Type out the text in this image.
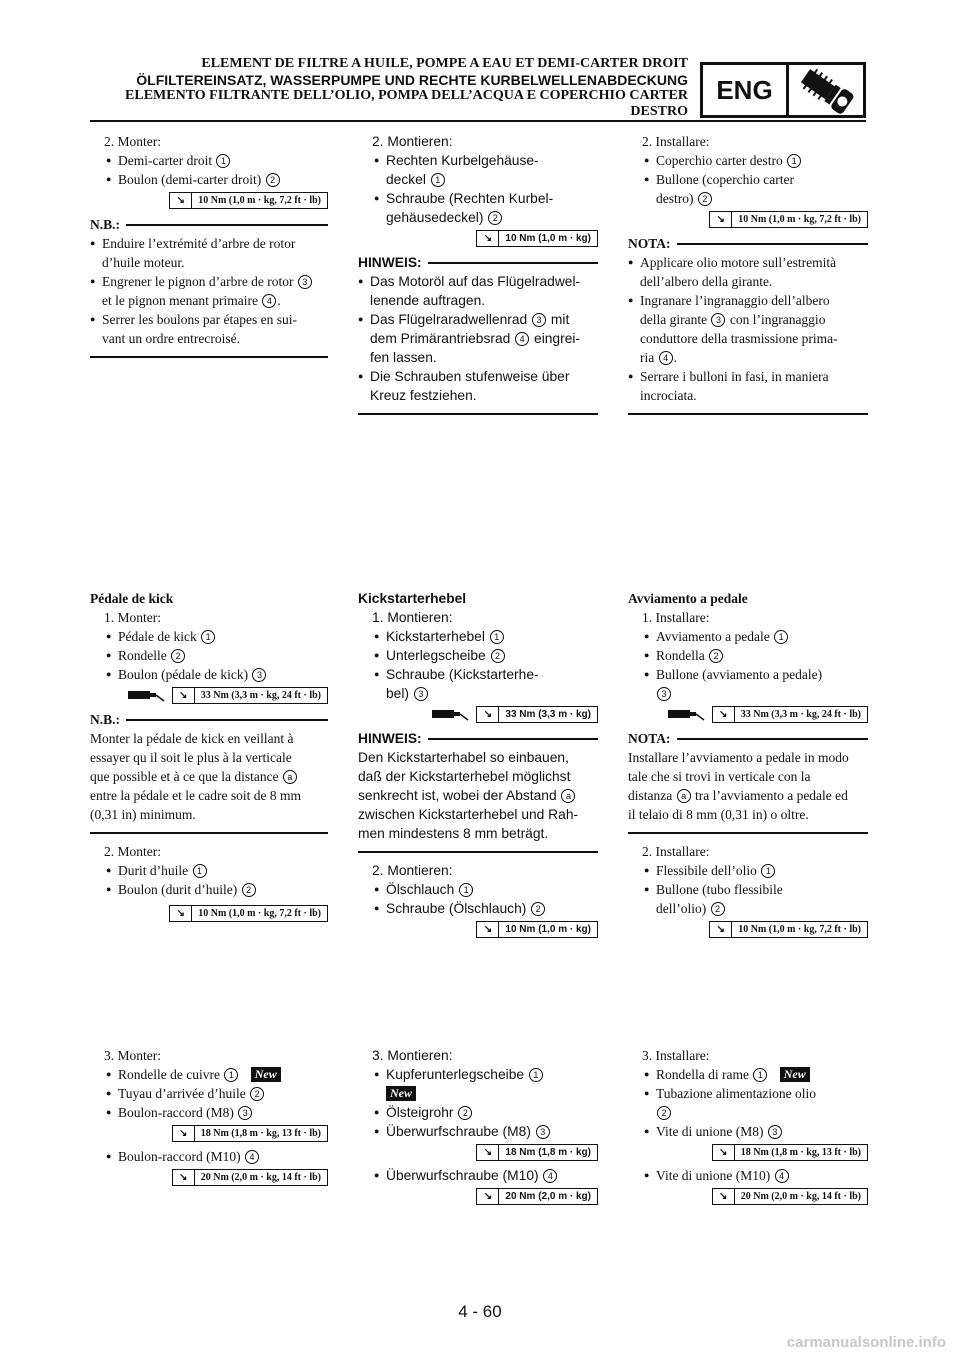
ELEMENT DE FILTRE A HUILE, POMPE A EAU ET DEMI-CARTER DROIT
ÖLFILTEREINSATZ, WASSERPUMPE UND RECHTE KURBELWELLENABDECKUNG
ELEMENTO FILTRANTE DELL’OLIO, POMPA DELL’ACQUA E COPERCHIO CARTER
DESTRO
ENG
2. Monter:
● Demi-carter droit 1
● Boulon (demi-carter droit) 2
↘	10 Nm (1,0 m · kg, 7,2 ft · lb)
N.B.:
● Enduire l’extrémité d’arbre de rotor
d’huile moteur.
● Engrener le pignon d’arbre de rotor 3
et le pignon menant primaire 4 .
● Serrer les boulons par étapes en sui-
vant un ordre entrecroisé.
2. Montieren:
● Rechten Kurbelgehäuse-
deckel 1
● Schraube (Rechten Kurbel-
gehäusedeckel) 2
↘	10 Nm (1,0 m · kg)
HINWEIS:
● Das Motoröl auf das Flügelradwel-
lenende auftragen.
● Das Flügelraradwellenrad 3 mit
dem Primärantriebsrad 4 eingrei-
fen lassen.
● Die Schrauben stufenweise über
Kreuz festziehen.
2. Installare:
● Coperchio carter destro 1
● Bullone (coperchio carter
destro) 2
↘	10 Nm (1,0 m · kg, 7,2 ft · lb)
NOTA:
● Applicare olio motore sull’estremità
dell’albero della girante.
● Ingranare l’ingranaggio dell’albero
della girante 3 con l’ingranaggio
conduttore della trasmissione prima-
ria 4 .
● Serrare i bulloni in fasi, in maniera
incrociata.
Pédale de kick
1. Monter:
● Pédale de kick 1
● Rondelle 2
● Boulon (pédale de kick) 3
↘	33 Nm (3,3 m · kg, 24 ft · lb)
N.B.:
Monter la pédale de kick en veillant à
essayer qu il soit le plus à la verticale
que possible et à ce que la distance a
entre la pédale et le cadre soit de 8 mm
(0,31 in) minimum.
2. Monter:
● Durit d’huile 1
● Boulon (durit d’huile) 2
↘	10 Nm (1,0 m · kg, 7,2 ft · lb)
Kickstarterhebel
1. Montieren:
● Kickstarterhebel 1
● Unterlegscheibe 2
● Schraube (Kickstarterhe-
bel) 3
↘	33 Nm (3,3 m · kg)
HINWEIS:
Den Kickstarterhabel so einbauen,
daß der Kickstarterhebel möglichst
senkrecht ist, wobei der Abstand a
zwischen Kickstarterhebel und Rah-
men mindestens 8 mm beträgt.
2. Montieren:
● Ölschlauch 1
● Schraube (Ölschlauch) 2
↘	10 Nm (1,0 m · kg)
Avviamento a pedale
1. Installare:
● Avviamento a pedale 1
● Rondella 2
● Bullone (avviamento a pedale)
3
↘	33 Nm (3,3 m · kg, 24 ft · lb)
NOTA:
Installare l’avviamento a pedale in modo
tale che si trovi in verticale con la
distanza a tra l’avviamento a pedale ed
il telaio di 8 mm (0,31 in) o oltre.
2. Installare:
● Flessibile dell’olio 1
● Bullone (tubo flessibile
dell’olio) 2
↘	10 Nm (1,0 m · kg, 7,2 ft · lb)
3. Monter:
● Rondelle de cuivre 1 New
● Tuyau d’arrivée d’huile 2
● Boulon-raccord (M8) 3
↘	18 Nm (1,8 m · kg, 13 ft · lb)
● Boulon-raccord (M10) 4
↘	20 Nm (2,0 m · kg, 14 ft · lb)
3. Montieren:
● Kupferunterlegscheibe 1
New
● Ölsteigrohr 2
● Überwurfschraube (M8) 3
↘	18 Nm (1,8 m · kg)
● Überwurfschraube (M10) 4
↘	20 Nm (2,0 m · kg)
3. Installare:
● Rondella di rame 1 New
● Tubazione alimentazione olio
2
● Vite di unione (M8) 3
↘	18 Nm (1,8 m · kg, 13 ft · lb)
● Vite di unione (M10) 4
↘	20 Nm (2,0 m · kg, 14 ft · lb)
4 - 60
carmanualsonline.info
